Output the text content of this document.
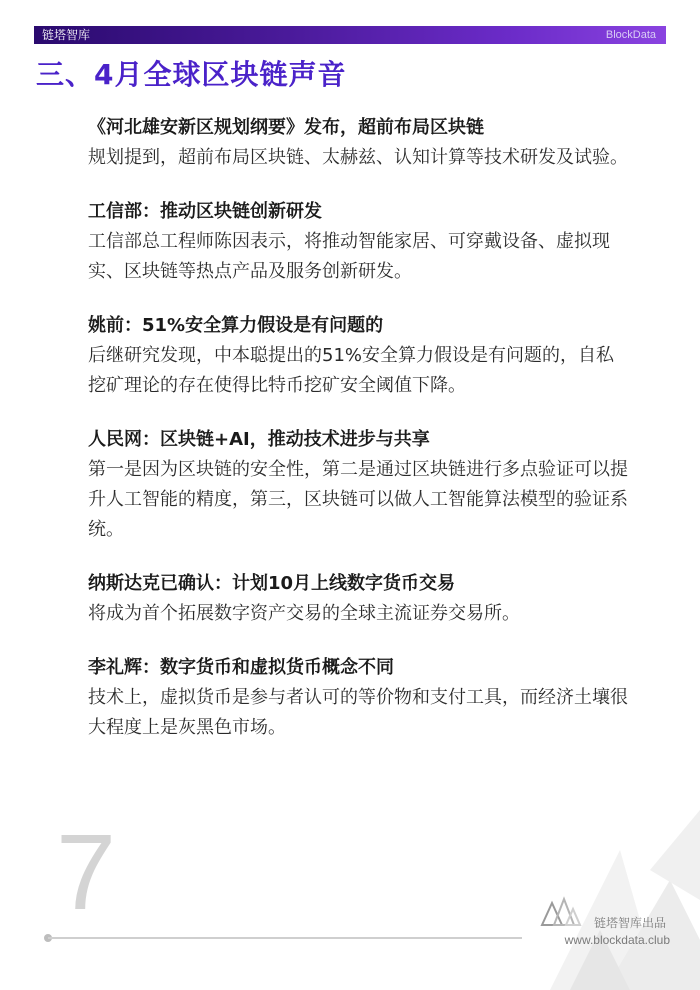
链塔智库	BlockData
三、4月全球区块链声音
《河北雄安新区规划纲要》发布，超前布局区块链
规划提到，超前布局区块链、太赫兹、认知计算等技术研发及试验。
工信部：推动区块链创新研发
工信部总工程师陈因表示，将推动智能家居、可穿戴设备、虚拟现实、区块链等热点产品及服务创新研发。
姚前：51%安全算力假设是有问题的
后继研究发现，中本聪提出的51%安全算力假设是有问题的，自私挖矿理论的存在使得比特币挖矿安全阈值下降。
人民网：区块链+AI，推动技术进步与共享
第一是因为区块链的安全性，第二是通过区块链进行多点验证可以提升人工智能的精度，第三，区块链可以做人工智能算法模型的验证系统。
纳斯达克已确认：计划10月上线数字货币交易
将成为首个拓展数字资产交易的全球主流证券交易所。
李礼辉：数字货币和虚拟货币概念不同
技术上，虚拟货币是参与者认可的等价物和支付工具，而经济土壤很大程度上是灰黑色市场。
7	链塔智库出品
www.blockdata.club
